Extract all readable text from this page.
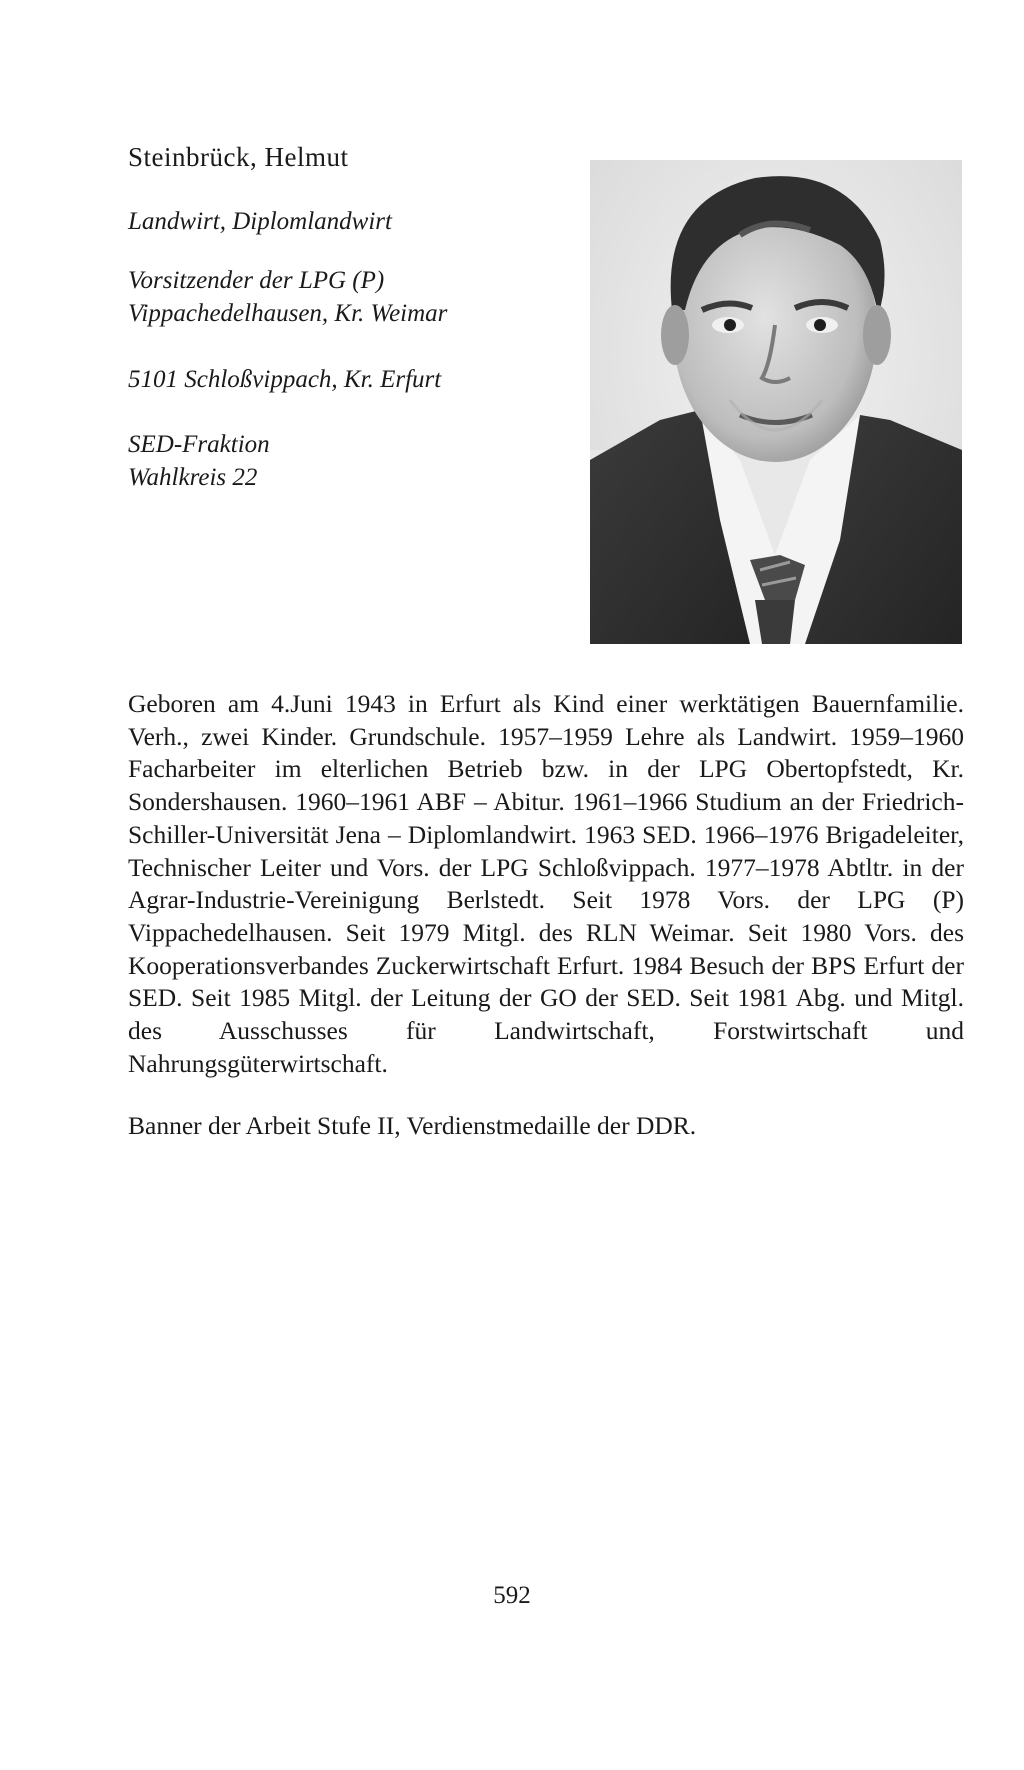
Steinbrück, Helmut

Landwirt, Diplomlandwirt

Vorsitzender der LPG (P)
Vippachedelhausen, Kr. Weimar

5101 Schloßvippach, Kr. Erfurt

SED-Fraktion
Wahlkreis 22

Geboren am 4.Juni 1943 in Erfurt als Kind einer werktätigen Bauernfamilie. Verh., zwei Kinder. Grundschule. 1957–1959 Lehre als Landwirt. 1959–1960 Facharbeiter im elterlichen Betrieb bzw. in der LPG Obertopfstedt, Kr. Sondershausen. 1960–1961 ABF – Abitur. 1961–1966 Studium an der Friedrich-Schiller-Universität Jena – Diplomlandwirt. 1963 SED. 1966–1976 Brigadeleiter, Technischer Leiter und Vors. der LPG Schloßvippach. 1977–1978 Abtltr. in der Agrar-Industrie-Vereinigung Berlstedt. Seit 1978 Vors. der LPG (P) Vippachedelhausen. Seit 1979 Mitgl. des RLN Weimar. Seit 1980 Vors. des Kooperationsverbandes Zuckerwirtschaft Erfurt. 1984 Besuch der BPS Erfurt der SED. Seit 1985 Mitgl. der Leitung der GO der SED. Seit 1981 Abg. und Mitgl. des Ausschusses für Landwirtschaft, Forstwirtschaft und Nahrungsgüterwirtschaft.

Banner der Arbeit Stufe II, Verdienstmedaille der DDR.

592
